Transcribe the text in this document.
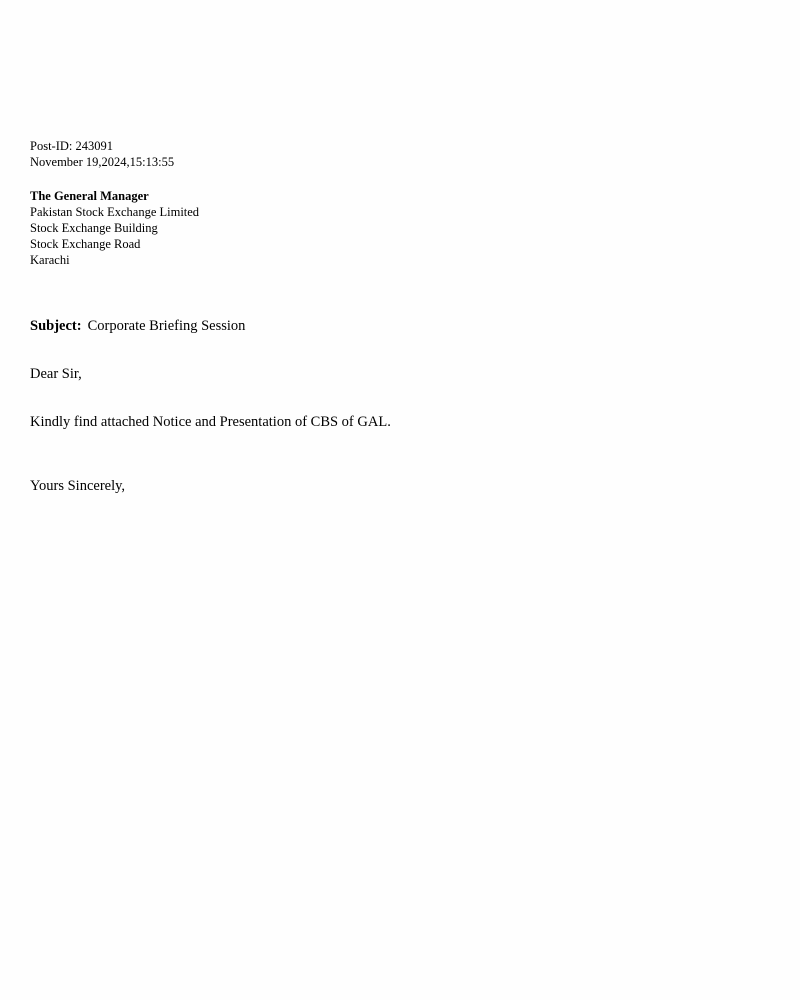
Post-ID: 243091
November 19,2024,15:13:55
The General Manager
Pakistan Stock Exchange Limited
Stock Exchange Building
Stock Exchange Road
Karachi
Subject: Corporate Briefing Session
Dear Sir,
Kindly find attached Notice and Presentation of CBS of GAL.
Yours Sincerely,
